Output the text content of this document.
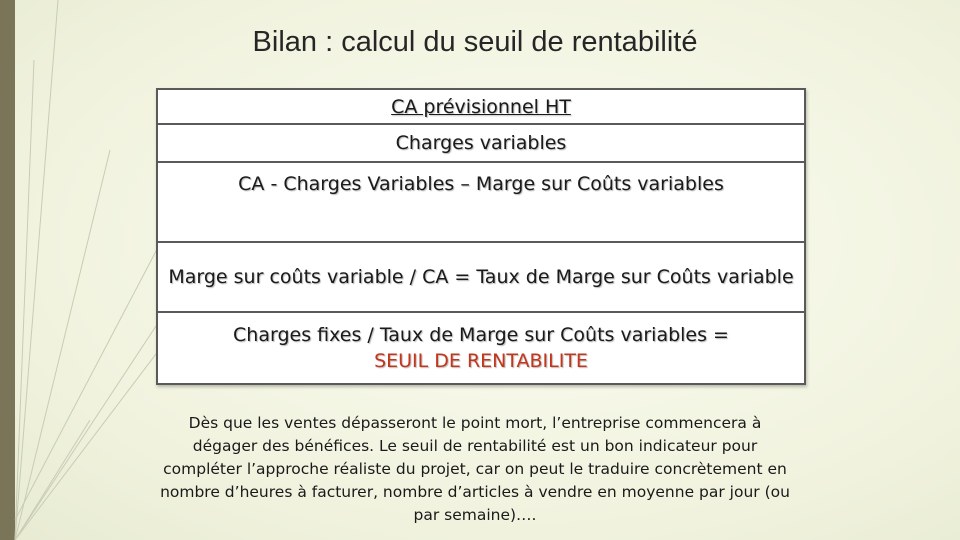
Bilan : calcul du seuil de rentabilité
CA prévisionnel HT
Charges variables
CA - Charges Variables – Marge sur Coûts variables
Marge sur coûts variable / CA = Taux de Marge sur Coûts variable
Charges fixes / Taux de Marge sur Coûts variables =
SEUIL DE RENTABILITE
Dès que les ventes dépasseront le point mort, l’entreprise commencera à dégager des bénéfices. Le seuil de rentabilité est un bon indicateur pour compléter l’approche réaliste du projet, car on peut le traduire concrètement en nombre d’heures à facturer, nombre d’articles à vendre en moyenne par jour (ou par semaine)….
